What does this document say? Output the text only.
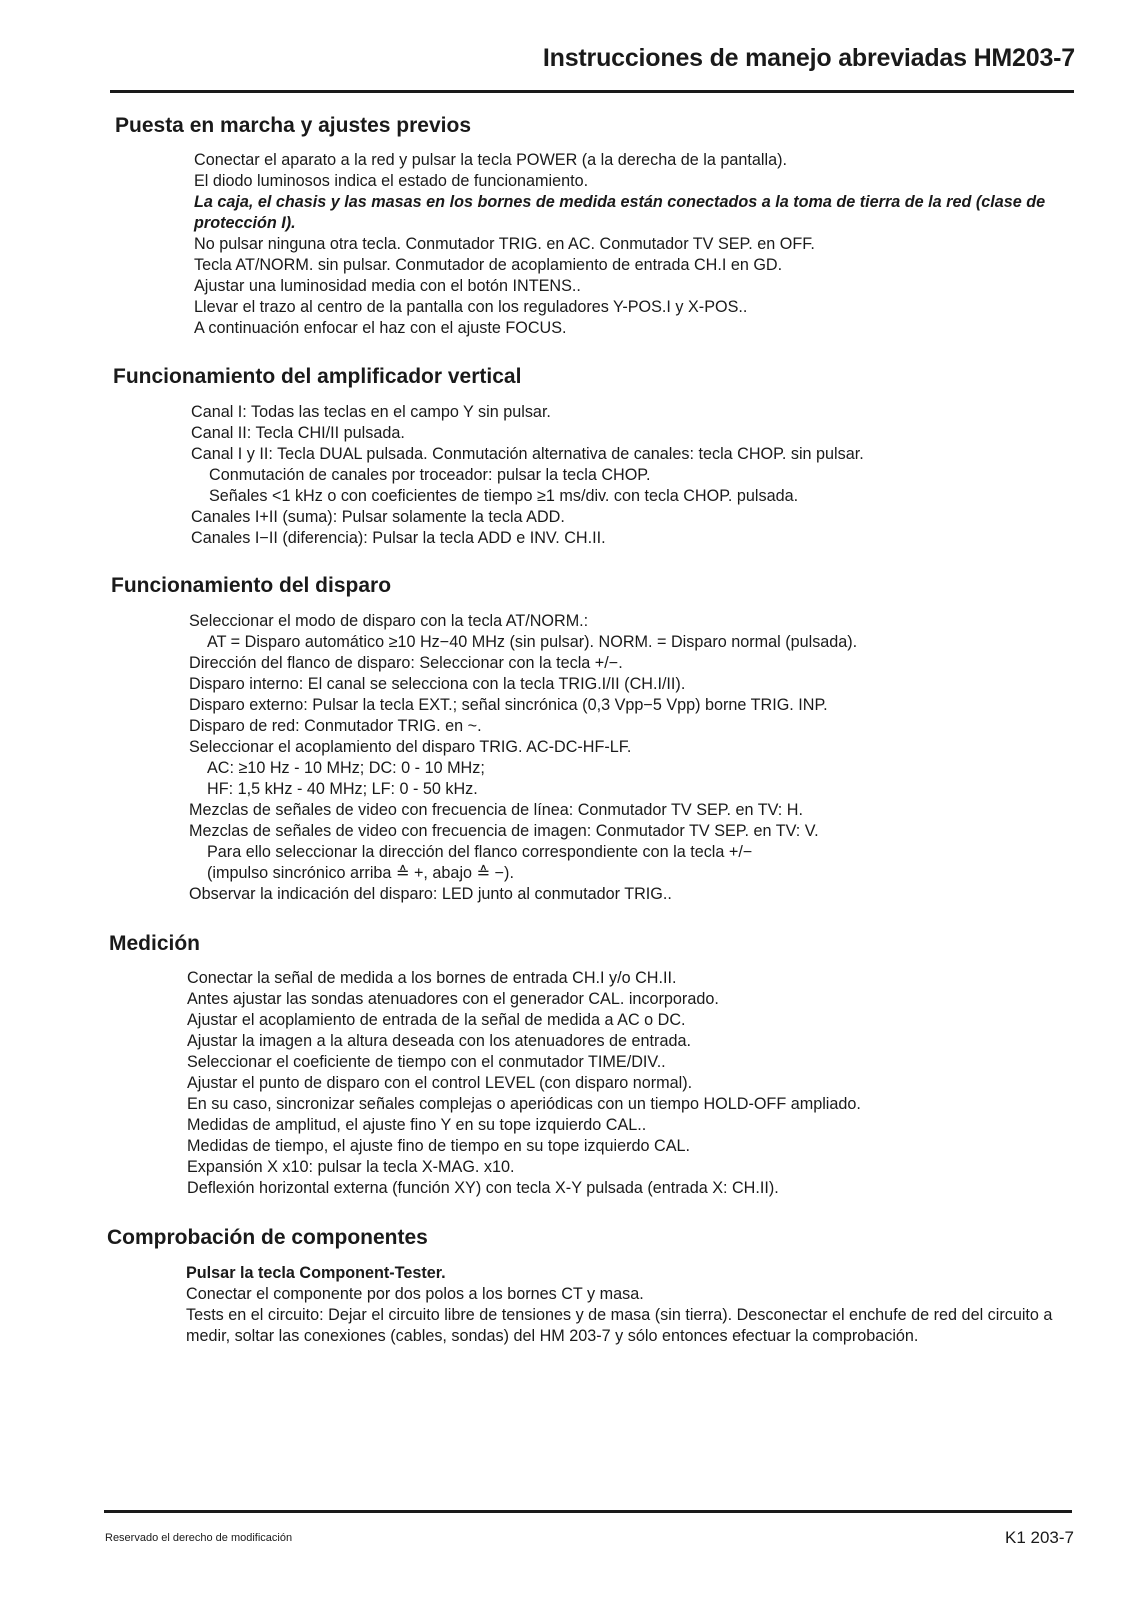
Instrucciones de manejo abreviadas HM203-7
Puesta en marcha y ajustes previos

Conectar el aparato a la red y pulsar la tecla POWER (a la derecha de la pantalla).

El diodo luminosos indica el estado de funcionamiento.

La caja, el chasis y las masas en los bornes de medida están conectados a la toma de tierra de la red (clase de protección I).

No pulsar ninguna otra tecla. Conmutador TRIG. en AC. Conmutador TV SEP. en OFF.

Tecla AT/NORM. sin pulsar. Conmutador de acoplamiento de entrada CH.I en GD.

Ajustar una luminosidad media con el botón INTENS..

Llevar el trazo al centro de la pantalla con los reguladores Y-POS.I y X-POS..

A continuación enfocar el haz con el ajuste FOCUS.

Funcionamiento del amplificador vertical

Canal I: Todas las teclas en el campo Y sin pulsar.

Canal II: Tecla CHI/II pulsada.

Canal I y II: Tecla DUAL pulsada. Conmutación alternativa de canales: tecla CHOP. sin pulsar.

Conmutación de canales por troceador: pulsar la tecla CHOP.

Señales <1 kHz o con coeficientes de tiempo ≥1 ms/div. con tecla CHOP. pulsada.

Canales I+II (suma): Pulsar solamente la tecla ADD.

Canales I−II (diferencia): Pulsar la tecla ADD e INV. CH.II.

Funcionamiento del disparo

Seleccionar el modo de disparo con la tecla AT/NORM.:

AT = Disparo automático ≥10 Hz−40 MHz (sin pulsar). NORM. = Disparo normal (pulsada).

Dirección del flanco de disparo: Seleccionar con la tecla +/−.

Disparo interno: El canal se selecciona con la tecla TRIG.I/II (CH.I/II).

Disparo externo: Pulsar la tecla EXT.; señal sincrónica (0,3 Vpp−5 Vpp) borne TRIG. INP.

Disparo de red: Conmutador TRIG. en ~.

Seleccionar el acoplamiento del disparo TRIG. AC-DC-HF-LF.

AC: ≥10 Hz - 10 MHz; DC: 0 - 10 MHz;

HF: 1,5 kHz - 40 MHz; LF: 0 - 50 kHz.

Mezclas de señales de video con frecuencia de línea: Conmutador TV SEP. en TV: H.

Mezclas de señales de video con frecuencia de imagen: Conmutador TV SEP. en TV: V.

Para ello seleccionar la dirección del flanco correspondiente con la tecla +/−

(impulso sincrónico arriba ≙ +, abajo ≙ −).

Observar la indicación del disparo: LED junto al conmutador TRIG..

Medición

Conectar la señal de medida a los bornes de entrada CH.I y/o CH.II.

Antes ajustar las sondas atenuadores con el generador CAL. incorporado.

Ajustar el acoplamiento de entrada de la señal de medida a AC o DC.

Ajustar la imagen a la altura deseada con los atenuadores de entrada.

Seleccionar el coeficiente de tiempo con el conmutador TIME/DIV..

Ajustar el punto de disparo con el control LEVEL (con disparo normal).

En su caso, sincronizar señales complejas o aperiódicas con un tiempo HOLD-OFF ampliado.

Medidas de amplitud, el ajuste fino Y en su tope izquierdo CAL..

Medidas de tiempo, el ajuste fino de tiempo en su tope izquierdo CAL.

Expansión X x10: pulsar la tecla X-MAG. x10.

Deflexión horizontal externa (función XY) con tecla X-Y pulsada (entrada X: CH.II).

Comprobación de componentes

Pulsar la tecla Component-Tester.

Conectar el componente por dos polos a los bornes CT y masa.

Tests en el circuito: Dejar el circuito libre de tensiones y de masa (sin tierra). Desconectar el enchufe de red del circuito a medir, soltar las conexiones (cables, sondas) del HM 203-7 y sólo entonces efectuar la comprobación.

Reservado el derecho de modificación	K1 203-7
